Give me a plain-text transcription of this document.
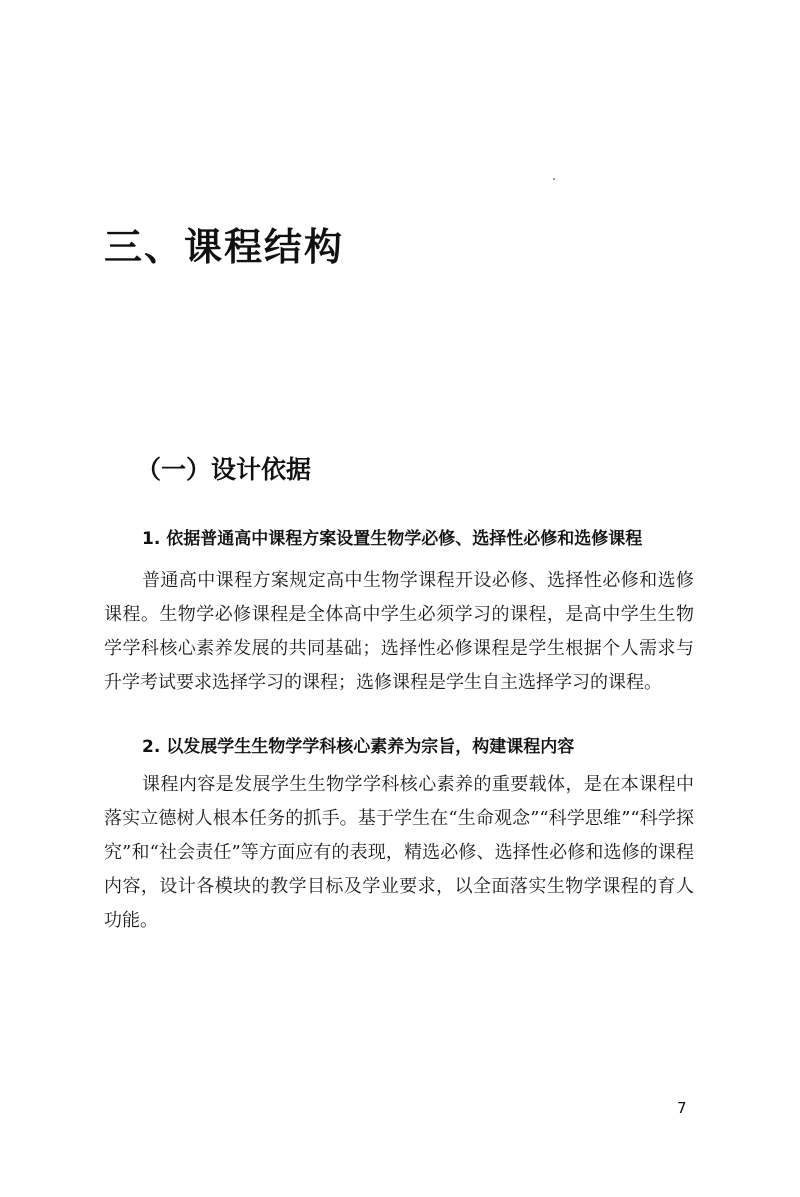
三、课程结构
（一）设计依据
1. 依据普通高中课程方案设置生物学必修、选择性必修和选修课程

普通高中课程方案规定高中生物学课程开设必修、选择性必修和选修课程。生物学必修课程是全体高中学生必须学习的课程，是高中学生生物学学科核心素养发展的共同基础；选择性必修课程是学生根据个人需求与升学考试要求选择学习的课程；选修课程是学生自主选择学习的课程。

2. 以发展学生生物学学科核心素养为宗旨，构建课程内容

课程内容是发展学生生物学学科核心素养的重要载体，是在本课程中落实立德树人根本任务的抓手。基于学生在“生命观念”“科学思维”“科学探究”和“社会责任”等方面应有的表现，精选必修、选择性必修和选修的课程内容，设计各模块的教学目标及学业要求，以全面落实生物学课程的育人功能。

7
